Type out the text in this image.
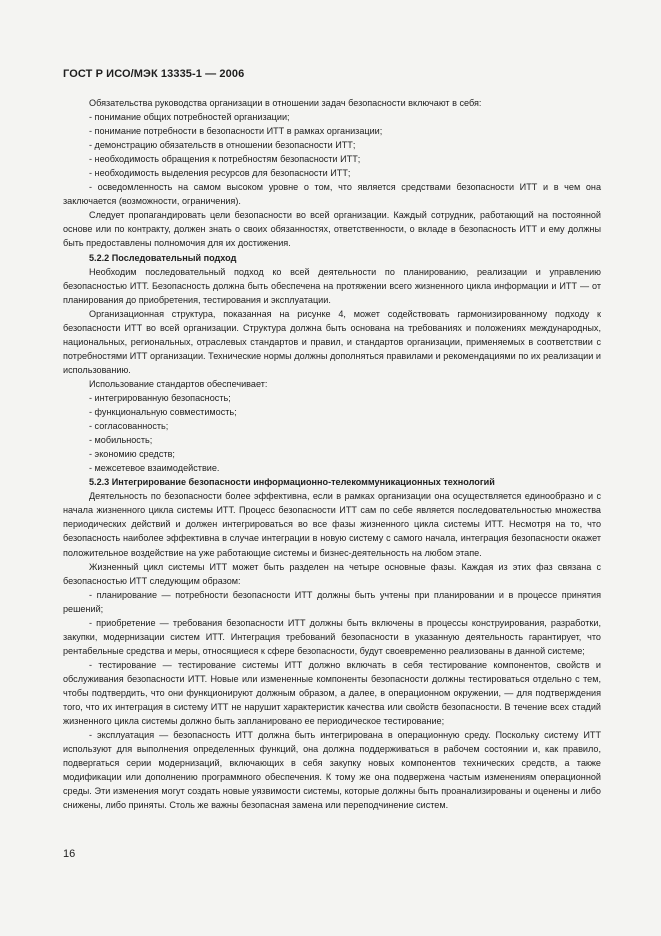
ГОСТ Р ИСО/МЭК 13335-1 — 2006

Обязательства руководства организации в отношении задач безопасности включают в себя:

- понимание общих потребностей организации;

- понимание потребности в безопасности ИТТ в рамках организации;

- демонстрацию обязательств в отношении безопасности ИТТ;

- необходимость обращения к потребностям безопасности ИТТ;

- необходимость выделения ресурсов для безопасности ИТТ;

- осведомленность на самом высоком уровне о том, что является средствами безопасности ИТТ и в чем она заключается (возможности, ограничения).

Следует пропагандировать цели безопасности во всей организации. Каждый сотрудник, работающий на постоянной основе или по контракту, должен знать о своих обязанностях, ответственности, о вкладе в безопасность ИТТ и ему должны быть предоставлены полномочия для их достижения.

5.2.2 Последовательный подход

Необходим последовательный подход ко всей деятельности по планированию, реализации и управлению безопасностью ИТТ. Безопасность должна быть обеспечена на протяжении всего жизненного цикла информации и ИТТ — от планирования до приобретения, тестирования и эксплуатации.

Организационная структура, показанная на рисунке 4, может содействовать гармонизированному подходу к безопасности ИТТ во всей организации. Структура должна быть основана на требованиях и положениях международных, национальных, региональных, отраслевых стандартов и правил, и стандартов организации, применяемых в соответствии с потребностями ИТТ организации. Технические нормы должны дополняться правилами и рекомендациями по их реализации и использованию.

Использование стандартов обеспечивает:

- интегрированную безопасность;

- функциональную совместимость;

- согласованность;

- мобильность;

- экономию средств;

- межсетевое взаимодействие.

5.2.3 Интегрирование безопасности информационно-телекоммуникационных технологий

Деятельность по безопасности более эффективна, если в рамках организации она осуществляется единообразно и с начала жизненного цикла системы ИТТ. Процесс безопасности ИТТ сам по себе является последовательностью множества периодических действий и должен интегрироваться во все фазы жизненного цикла системы ИТТ. Несмотря на то, что безопасность наиболее эффективна в случае интеграции в новую систему с самого начала, интеграция безопасности окажет положительное воздействие на уже работающие системы и бизнес-деятельность на любом этапе.

Жизненный цикл системы ИТТ может быть разделен на четыре основные фазы. Каждая из этих фаз связана с безопасностью ИТТ следующим образом:

- планирование — потребности безопасности ИТТ должны быть учтены при планировании и в процессе принятия решений;

- приобретение — требования безопасности ИТТ должны быть включены в процессы конструирования, разработки, закупки, модернизации систем ИТТ. Интеграция требований безопасности в указанную деятельность гарантирует, что рентабельные средства и меры, относящиеся к сфере безопасности, будут своевременно реализованы в данной системе;

- тестирование — тестирование системы ИТТ должно включать в себя тестирование компонентов, свойств и обслуживания безопасности ИТТ. Новые или измененные компоненты безопасности должны тестироваться отдельно с тем, чтобы подтвердить, что они функционируют должным образом, а далее, в операционном окружении, — для подтверждения того, что их интеграция в систему ИТТ не нарушит характеристик качества или свойств безопасности. В течение всех стадий жизненного цикла системы должно быть запланировано ее периодическое тестирование;

- эксплуатация — безопасность ИТТ должна быть интегрирована в операционную среду. Поскольку систему ИТТ используют для выполнения определенных функций, она должна поддерживаться в рабочем состоянии и, как правило, подвергаться серии модернизаций, включающих в себя закупку новых компонентов технических средств, а также модификации или дополнению программного обеспечения. К тому же она подвержена частым изменениям операционной среды. Эти изменения могут создать новые уязвимости системы, которые должны быть проанализированы и оценены и либо снижены, либо приняты. Столь же важны безопасная замена или переподчинение систем.

16
